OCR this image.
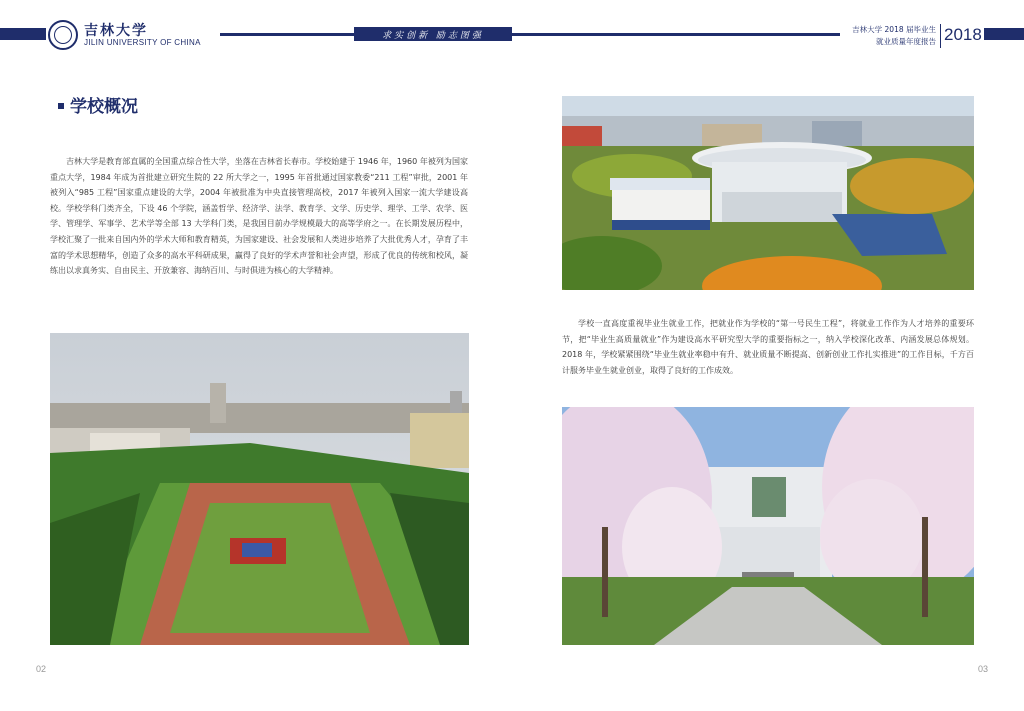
吉林大学
JILIN UNIVERSITY OF CHINA
求实创新 励志图强
吉林大学 2018 届毕业生
就业质量年度报告 2018
学校概况

吉林大学是教育部直属的全国重点综合性大学，坐落在吉林省长春市。学校始建于 1946 年，1960 年被列为国家重点大学，1984 年成为首批建立研究生院的 22 所大学之一，1995 年首批通过国家教委“211 工程”审批，2001 年被列入“985 工程”国家重点建设的大学，2004 年被批准为中央直接管理高校，2017 年被列入国家一流大学建设高校。学校学科门类齐全，下设 46 个学院，涵盖哲学、经济学、法学、教育学、文学、历史学、理学、工学、农学、医学、管理学、军事学、艺术学等全部 13 大学科门类，是我国目前办学规模最大的高等学府之一。在长期发展历程中，学校汇聚了一批来自国内外的学术大师和教育精英，为国家建设、社会发展和人类进步培养了大批优秀人才，孕育了丰富的学术思想精华，创造了众多的高水平科研成果，赢得了良好的学术声誉和社会声望，形成了优良的传统和校风，凝练出以求真务实、自由民主、开放兼容、海纳百川、与时俱进为核心的大学精神。

02

学校一直高度重视毕业生就业工作，把就业作为学校的“第一号民生工程”，将就业工作作为人才培养的重要环节，把“毕业生高质量就业”作为建设高水平研究型大学的重要指标之一，纳入学校深化改革、内涵发展总体规划。2018 年，学校紧紧围绕“毕业生就业率稳中有升、就业质量不断提高、创新创业工作扎实推进”的工作目标，千方百计服务毕业生就业创业，取得了良好的工作成效。

03
